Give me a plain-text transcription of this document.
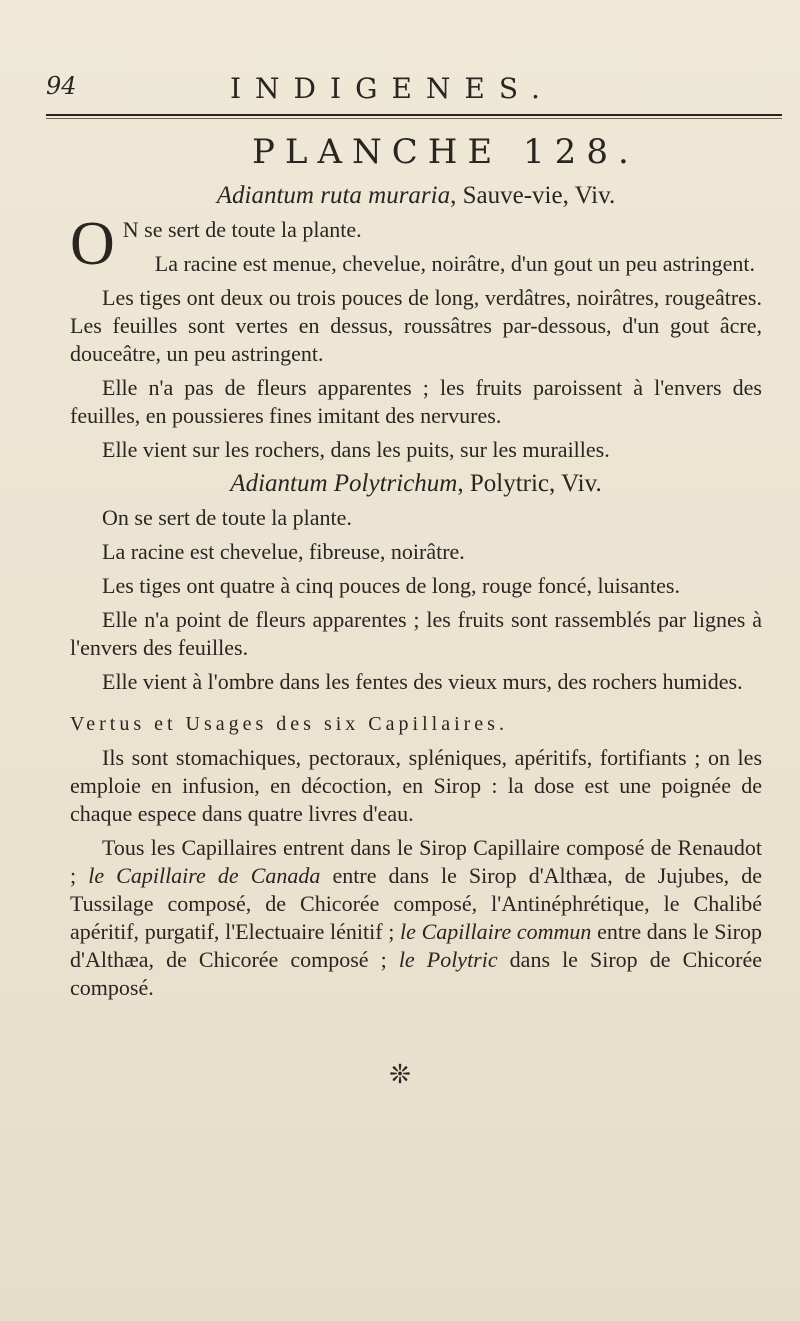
94	INDIGENES.
PLANCHE 128.
Adiantum ruta muraria, Sauve-vie, Viv.

O N se sert de toute la plante.

La racine est menue, chevelue, noirâtre, d'un gout un peu astringent.

Les tiges ont deux ou trois pouces de long, verdâtres, noirâtres, rougeâtres. Les feuilles sont vertes en dessus, roussâtres par-dessous, d'un gout âcre, douceâtre, un peu astringent.

Elle n'a pas de fleurs apparentes ; les fruits paroissent à l'envers des feuilles, en poussieres fines imitant des nervures.

Elle vient sur les rochers, dans les puits, sur les murailles.

Adiantum Polytrichum, Polytric, Viv.

On se sert de toute la plante.

La racine est chevelue, fibreuse, noirâtre.

Les tiges ont quatre à cinq pouces de long, rouge foncé, luisantes.

Elle n'a point de fleurs apparentes ; les fruits sont rassemblés par lignes à l'envers des feuilles.

Elle vient à l'ombre dans les fentes des vieux murs, des rochers humides.

Vertus et Usages des six Capillaires.

Ils sont stomachiques, pectoraux, spléniques, apéritifs, fortifiants ; on les emploie en infusion, en décoction, en Sirop : la dose est une poignée de chaque espece dans quatre livres d'eau.

Tous les Capillaires entrent dans le Sirop Capillaire composé de Renaudot ; le Capillaire de Canada entre dans le Sirop d'Althæa, de Jujubes, de Tussilage composé, de Chicorée composé, l'Antinéphrétique, le Chalibé apéritif, purgatif, l'Electuaire lénitif ; le Capillaire commun entre dans le Sirop d'Althæa, de Chicorée composé ; le Polytric dans le Sirop de Chicorée composé.

❊
